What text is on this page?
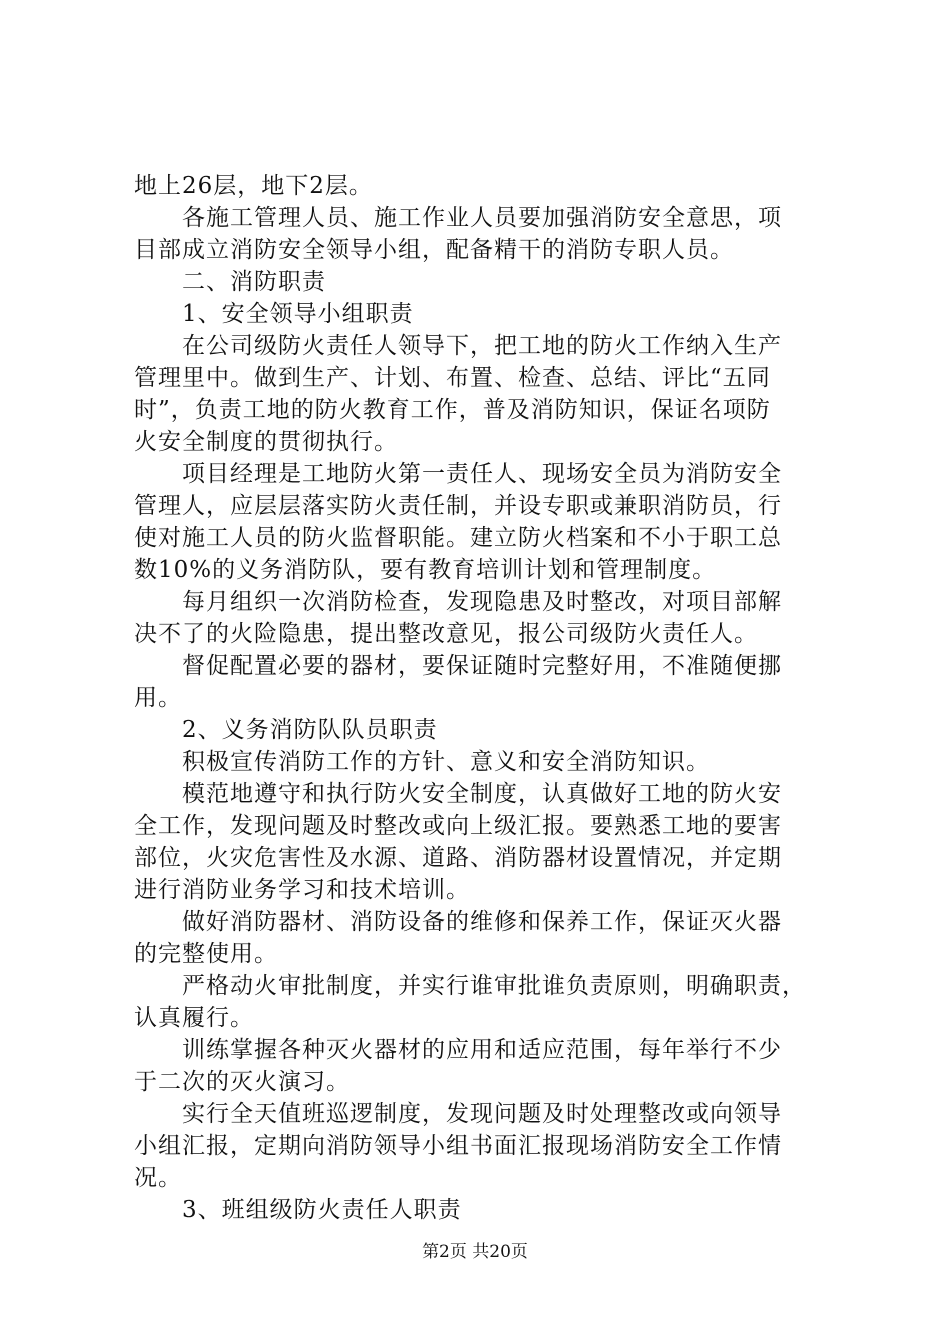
地上26层，地下2层。
各施工管理人员、施工作业人员要加强消防安全意思，项
目部成立消防安全领导小组，配备精干的消防专职人员。
二、消防职责
1、安全领导小组职责
在公司级防火责任人领导下，把工地的防火工作纳入生产
管理里中。做到生产、计划、布置、检查、总结、评比“五同
时”，负责工地的防火教育工作，普及消防知识，保证名项防
火安全制度的贯彻执行。
项目经理是工地防火第一责任人、现场安全员为消防安全
管理人，应层层落实防火责任制，并设专职或兼职消防员，行
使对施工人员的防火监督职能。建立防火档案和不小于职工总
数10%的义务消防队，要有教育培训计划和管理制度。
每月组织一次消防检查，发现隐患及时整改，对项目部解
决不了的火险隐患，提出整改意见，报公司级防火责任人。
督促配置必要的器材，要保证随时完整好用，不准随便挪
用。
2、义务消防队队员职责
积极宣传消防工作的方针、意义和安全消防知识。
模范地遵守和执行防火安全制度，认真做好工地的防火安
全工作，发现问题及时整改或向上级汇报。要熟悉工地的要害
部位，火灾危害性及水源、道路、消防器材设置情况，并定期
进行消防业务学习和技术培训。
做好消防器材、消防设备的维修和保养工作，保证灭火器
的完整使用。
严格动火审批制度，并实行谁审批谁负责原则，明确职责，
认真履行。
训练掌握各种灭火器材的应用和适应范围，每年举行不少
于二次的灭火演习。
实行全天值班巡逻制度，发现问题及时处理整改或向领导
小组汇报，定期向消防领导小组书面汇报现场消防安全工作情
况。
3、班组级防火责任人职责
第2页 共20页
